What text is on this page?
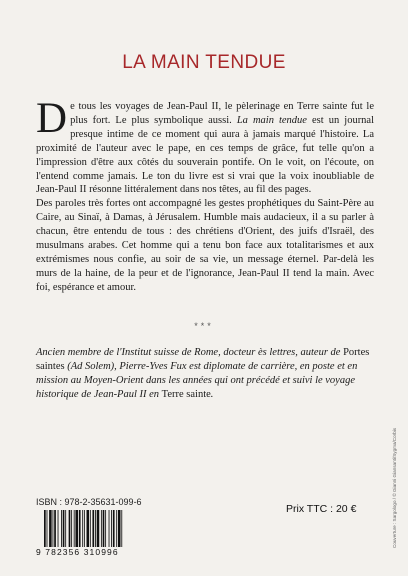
LA MAIN TENDUE

De tous les voyages de Jean-Paul II, le pèlerinage en Terre sainte fut le plus fort. Le plus symbolique aussi. La main tendue est un journal presque intime de ce moment qui aura à jamais marqué l'histoire. La proximité de l'auteur avec le pape, en ces temps de grâce, fut telle qu'on a l'impression d'être aux côtés du souverain pontife. On le voit, on l'écoute, on l'entend comme jamais. Le ton du livre est si vrai que la voix inoubliable de Jean-Paul II résonne littéralement dans nos têtes, au fil des pages.

Des paroles très fortes ont accompagné les gestes prophétiques du Saint-Père au Caire, au Sinaï, à Damas, à Jérusalem. Humble mais audacieux, il a su parler à chacun, être entendu de tous : des chrétiens d'Orient, des juifs d'Israël, des musulmans arabes. Cet homme qui a tenu bon face aux totalitarismes et aux extrémismes nous confie, au soir de sa vie, un message éternel. Par-delà les murs de la haine, de la peur et de l'ignorance, Jean-Paul II tend la main. Avec foi, espérance et amour.

***

Ancien membre de l'Institut suisse de Rome, docteur ès lettres, auteur de Portes saintes (Ad Solem), Pierre-Yves Fux est diplomate de carrière, en poste et en mission au Moyen-Orient dans les années qui ont précédé et suivi le voyage historique de Jean-Paul II en Terre sainte.

ISBN : 978-2-35631-099-6
9 782356 310996
Prix TTC : 20 €	Couverture : Sargologo / © Gianni Giansanti/Sygma/Corbis
